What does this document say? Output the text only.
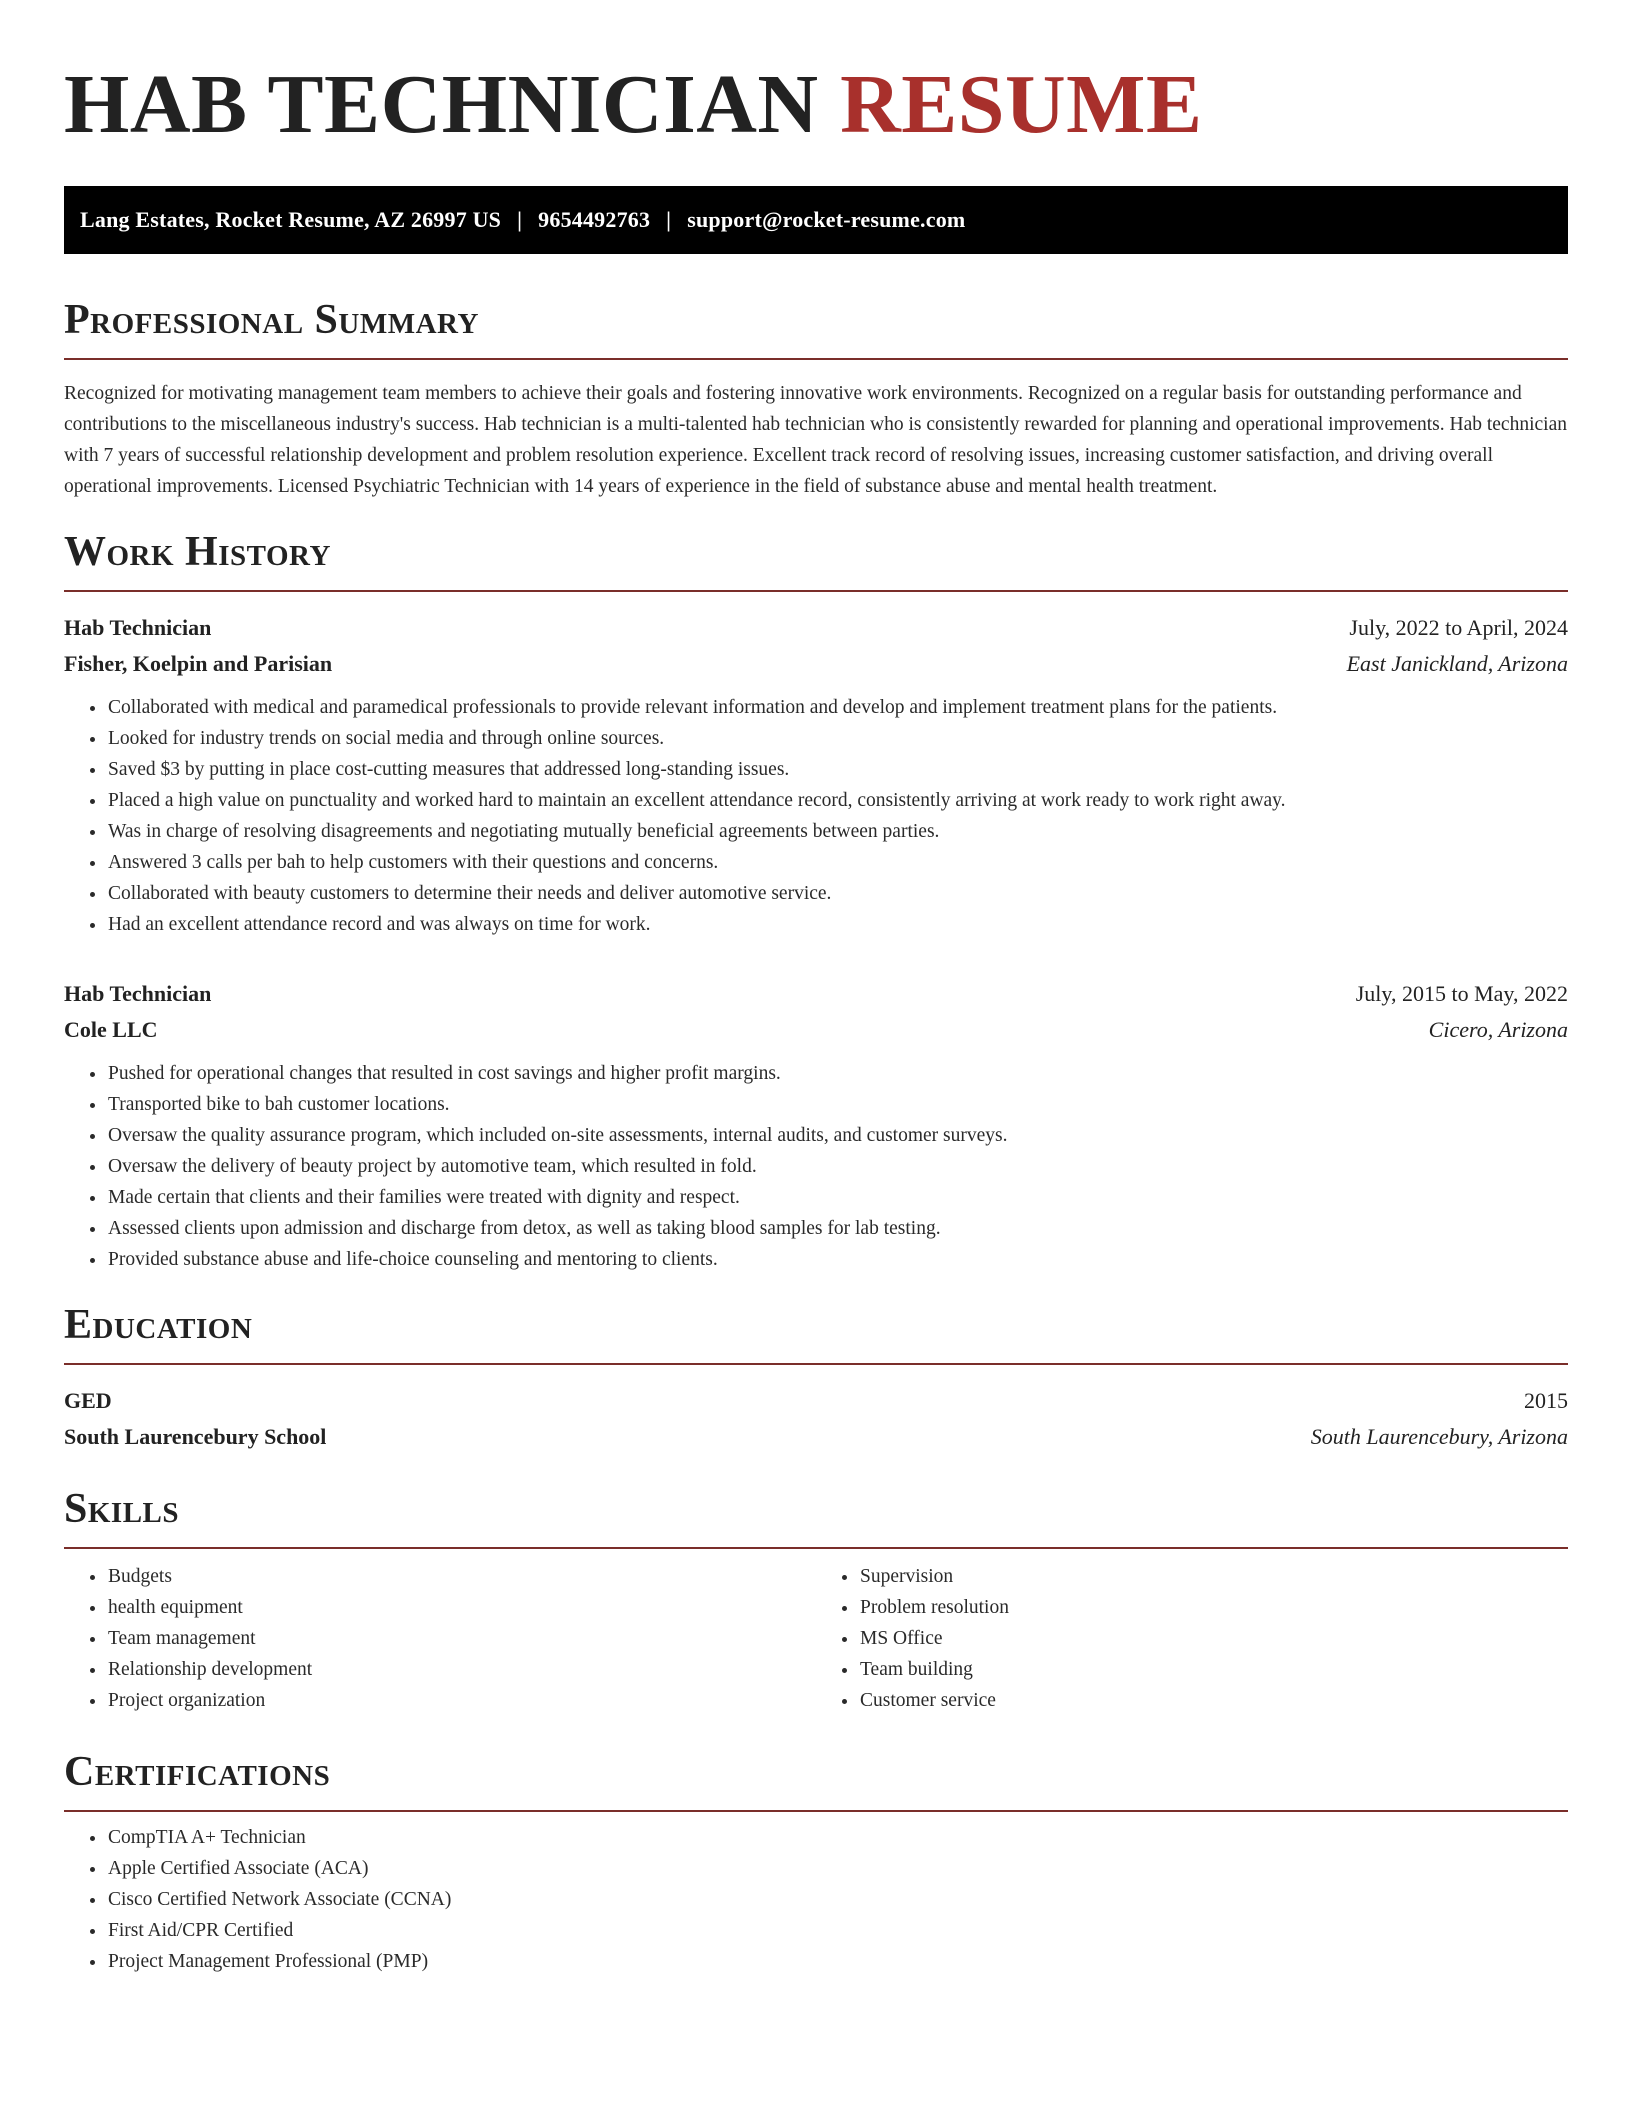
HAB TECHNICIAN RESUME
Lang Estates, Rocket Resume, AZ 26997 US | 9654492763 | support@rocket-resume.com
Professional Summary

Recognized for motivating management team members to achieve their goals and fostering innovative work environments. Recognized on a regular basis for outstanding performance and contributions to the miscellaneous industry's success. Hab technician is a multi-talented hab technician who is consistently rewarded for planning and operational improvements. Hab technician with 7 years of successful relationship development and problem resolution experience. Excellent track record of resolving issues, increasing customer satisfaction, and driving overall operational improvements. Licensed Psychiatric Technician with 14 years of experience in the field of substance abuse and mental health treatment.

Work History
Hab Technician	July, 2022 to April, 2024
Fisher, Koelpin and Parisian	East Janickland, Arizona
• Collaborated with medical and paramedical professionals to provide relevant information and develop and implement treatment plans for the patients.
• Looked for industry trends on social media and through online sources.
• Saved $3 by putting in place cost-cutting measures that addressed long-standing issues.
• Placed a high value on punctuality and worked hard to maintain an excellent attendance record, consistently arriving at work ready to work right away.
• Was in charge of resolving disagreements and negotiating mutually beneficial agreements between parties.
• Answered 3 calls per bah to help customers with their questions and concerns.
• Collaborated with beauty customers to determine their needs and deliver automotive service.
• Had an excellent attendance record and was always on time for work.
Hab Technician	July, 2015 to May, 2022
Cole LLC	Cicero, Arizona
• Pushed for operational changes that resulted in cost savings and higher profit margins.
• Transported bike to bah customer locations.
• Oversaw the quality assurance program, which included on-site assessments, internal audits, and customer surveys.
• Oversaw the delivery of beauty project by automotive team, which resulted in fold.
• Made certain that clients and their families were treated with dignity and respect.
• Assessed clients upon admission and discharge from detox, as well as taking blood samples for lab testing.
• Provided substance abuse and life-choice counseling and mentoring to clients.
Education
GED	2015
South Laurencebury School	South Laurencebury, Arizona
Skills
• Budgets
• health equipment
• Team management
• Relationship development
• Project organization
• Supervision
• Problem resolution
• MS Office
• Team building
• Customer service
Certifications
• CompTIA A+ Technician
• Apple Certified Associate (ACA)
• Cisco Certified Network Associate (CCNA)
• First Aid/CPR Certified
• Project Management Professional (PMP)
